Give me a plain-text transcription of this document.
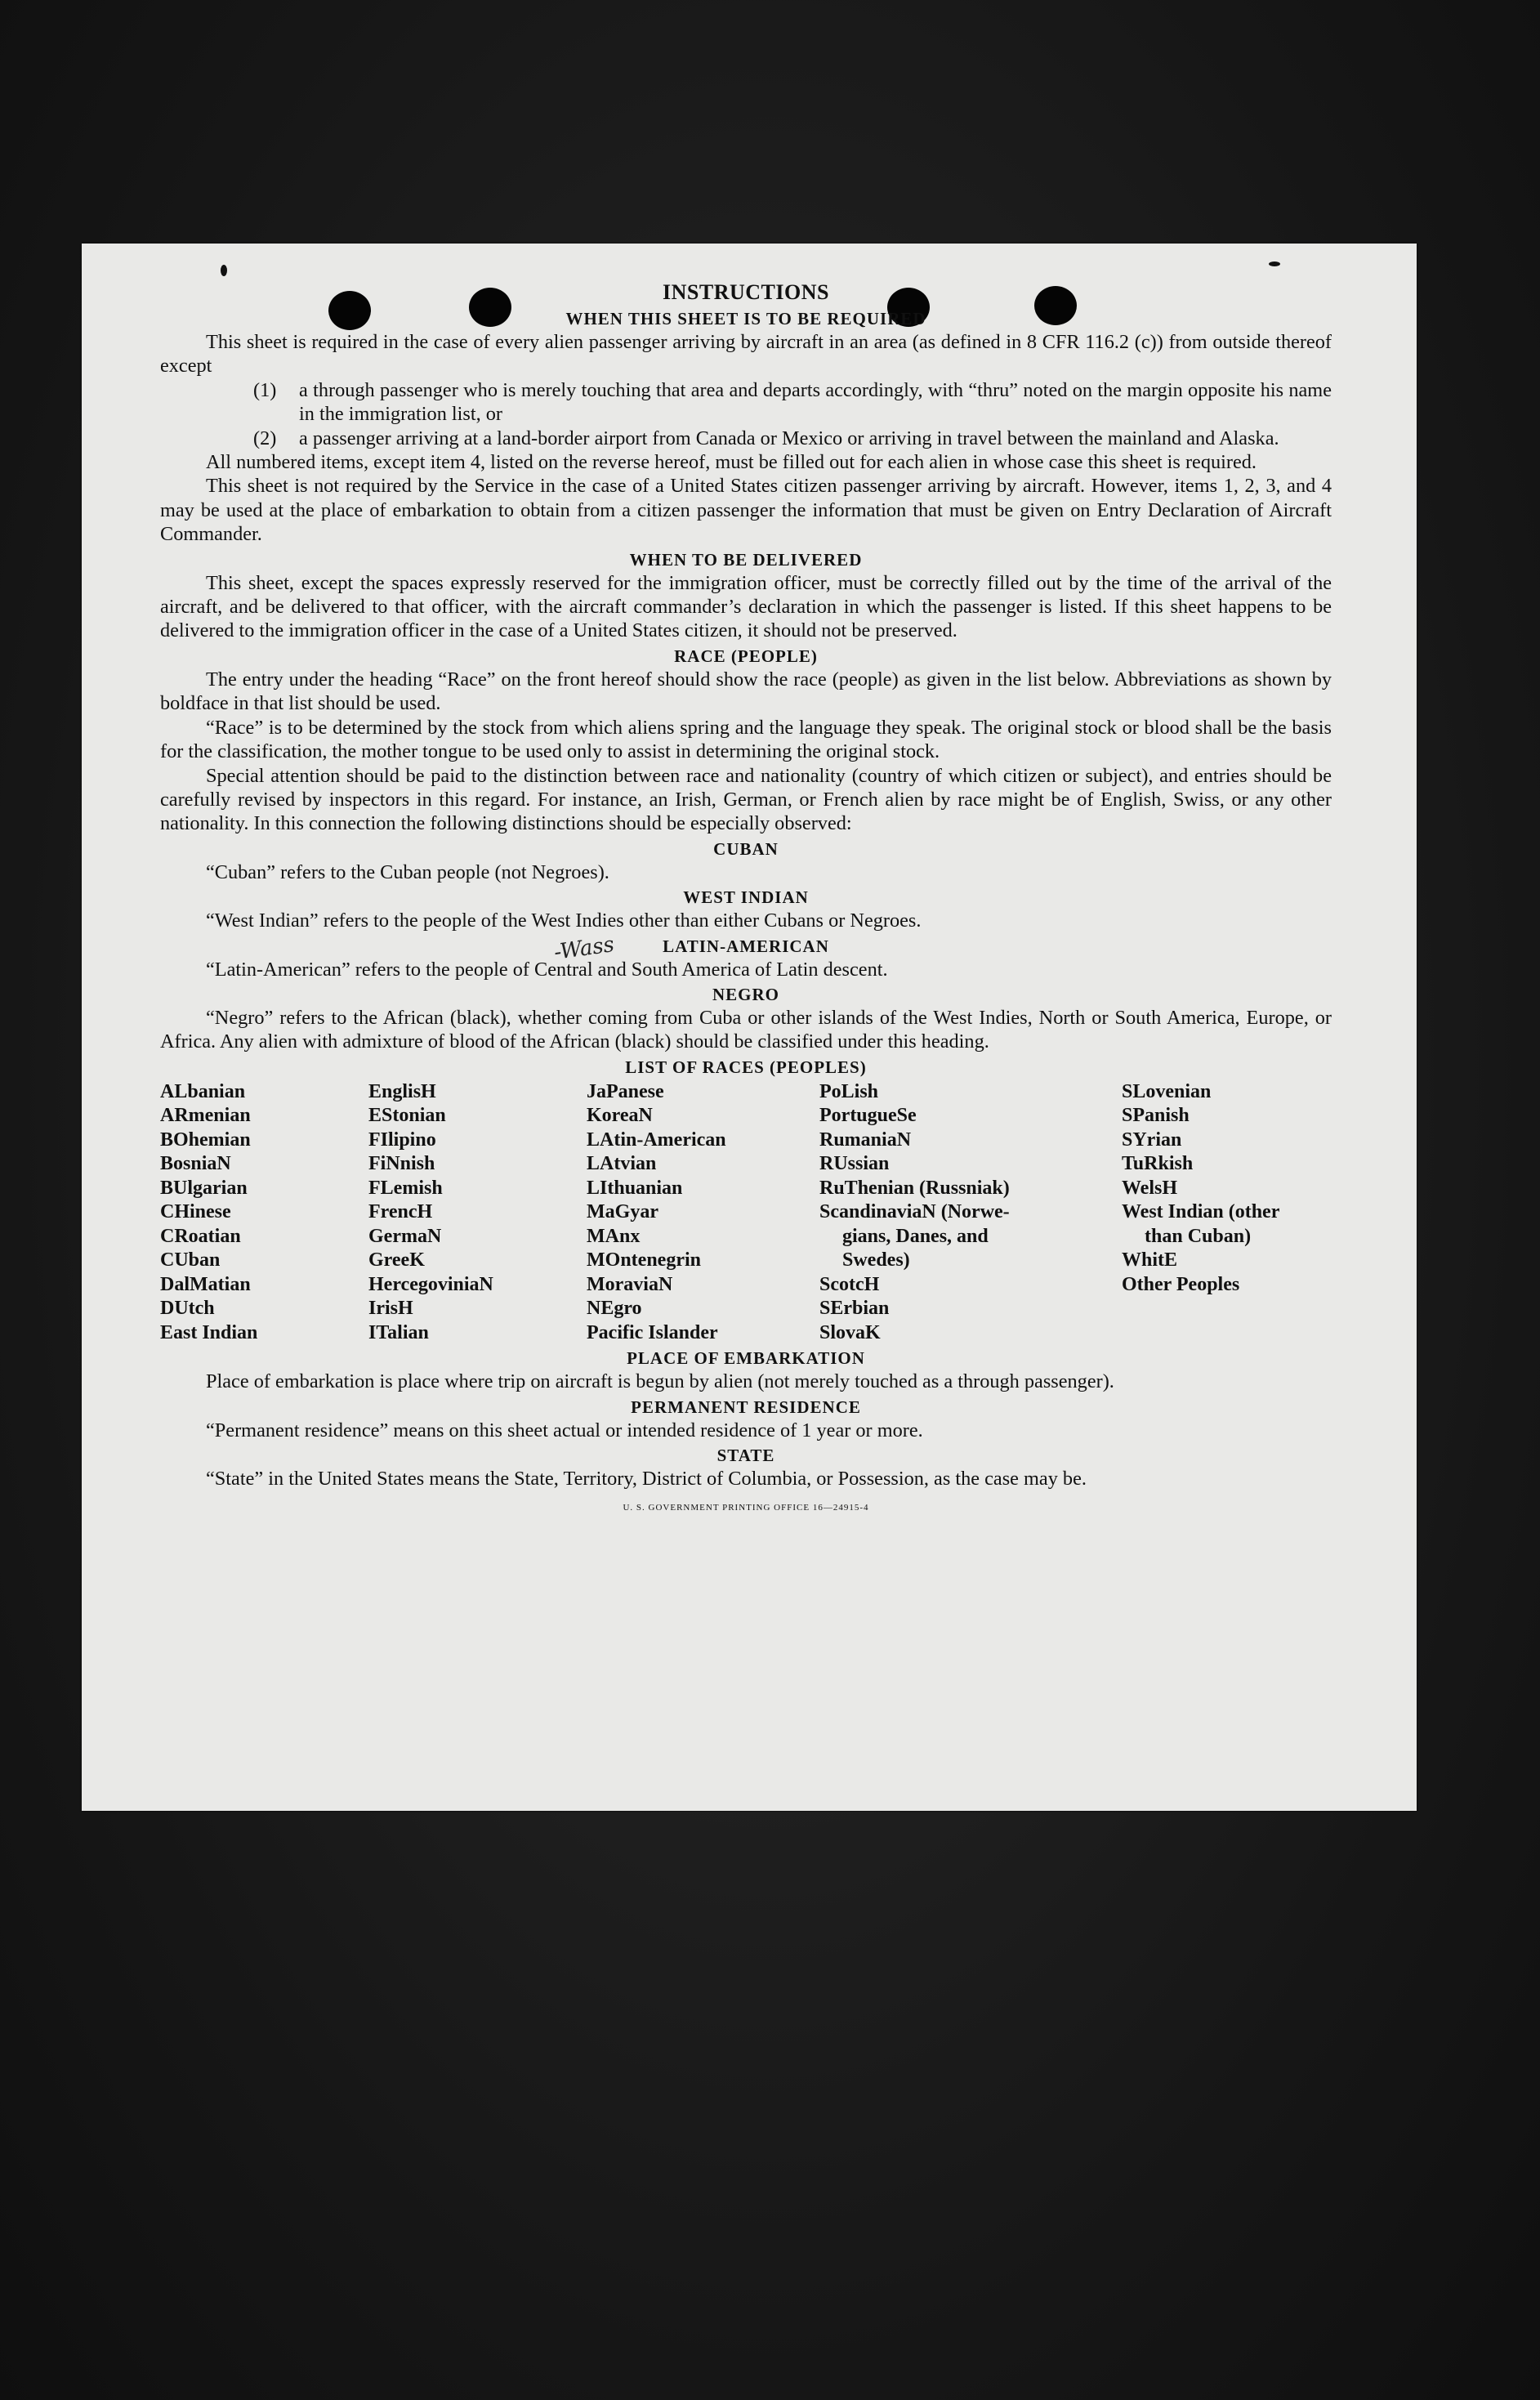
INSTRUCTIONS
WHEN THIS SHEET IS TO BE REQUIRED

This sheet is required in the case of every alien passenger arriving by aircraft in an area (as defined in 8 CFR 116.2 (c)) from outside thereof except

(1)	a through passenger who is merely touching that area and departs accordingly, with “thru” noted on the margin opposite his name in the immigration list, or
(2)	a passenger arriving at a land-border airport from Canada or Mexico or arriving in travel between the mainland and Alaska.

All numbered items, except item 4, listed on the reverse hereof, must be filled out for each alien in whose case this sheet is required.

This sheet is not required by the Service in the case of a United States citizen passenger arriving by aircraft. However, items 1, 2, 3, and 4 may be used at the place of embarkation to obtain from a citizen passenger the information that must be given on Entry Declaration of Aircraft Commander.

WHEN TO BE DELIVERED

This sheet, except the spaces expressly reserved for the immigration officer, must be correctly filled out by the time of the arrival of the aircraft, and be delivered to that officer, with the aircraft commander’s declaration in which the passenger is listed. If this sheet happens to be delivered to the immigration officer in the case of a United States citizen, it should not be preserved.

RACE (PEOPLE)

The entry under the heading “Race” on the front hereof should show the race (people) as given in the list below. Abbreviations as shown by boldface in that list should be used.

“Race” is to be determined by the stock from which aliens spring and the language they speak. The original stock or blood shall be the basis for the classification, the mother tongue to be used only to assist in determining the original stock.

Special attention should be paid to the distinction between race and nationality (country of which citizen or subject), and entries should be carefully revised by inspectors in this regard. For instance, an Irish, German, or French alien by race might be of English, Swiss, or any other nationality. In this connection the following distinctions should be especially observed:

CUBAN

“Cuban” refers to the Cuban people (not Negroes).

WEST INDIAN

“West Indian” refers to the people of the West Indies other than either Cubans or Negroes.

LATIN-AMERICAN

“Latin-American” refers to the people of Central and South America of Latin descent.

NEGRO

“Negro” refers to the African (black), whether coming from Cuba or other islands of the West Indies, North or South America, Europe, or Africa. Any alien with admixture of blood of the African (black) should be classified under this heading.

LIST OF RACES (PEOPLES)
ALbanian
ARmenian
BOhemian
BosniaN
BUlgarian
CHinese
CRoatian
CUban
DalMatian
DUtch
East Indian
EnglisH
EStonian
FIlipino
FiNnish
FLemish
FrencH
GermaN
GreeK
HercegoviniaN
IrisH
ITalian
JaPanese
KoreaN
LAtin-American
LAtvian
LIthuanian
MaGyar
MAnx
MOntenegrin
MoraviaN
NEgro
Pacific Islander
PoLish
PortugueSe
RumaniaN
RUssian
RuThenian (Russniak)
ScandinaviaN (Norwe-
gians, Danes, and
Swedes)
ScotcH
SErbian
SlovaK
SLovenian
SPanish
SYrian
TuRkish
WelsH
West Indian (other
than Cuban)
WhitE
Other Peoples
PLACE OF EMBARKATION

Place of embarkation is place where trip on aircraft is begun by alien (not merely touched as a through passenger).

PERMANENT RESIDENCE

“Permanent residence” means on this sheet actual or intended residence of 1 year or more.

STATE

“State” in the United States means the State, Territory, District of Columbia, or Possession, as the case may be.

U. S. GOVERNMENT PRINTING OFFICE 16—24915-4
-Wass
